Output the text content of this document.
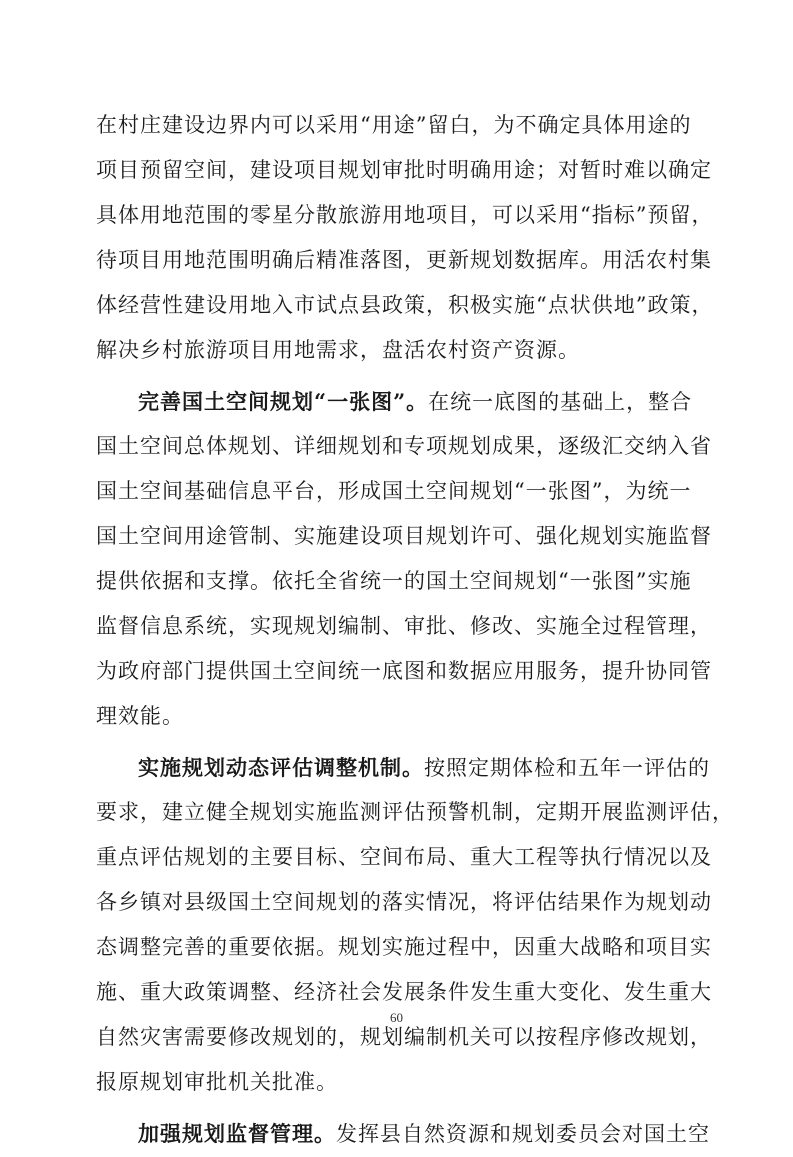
在村庄建设边界内可以采用“用途”留白，为不确定具体用途的
项目预留空间，建设项目规划审批时明确用途；对暂时难以确定
具体用地范围的零星分散旅游用地项目，可以采用“指标”预留，
待项目用地范围明确后精准落图，更新规划数据库。用活农村集
体经营性建设用地入市试点县政策，积极实施“点状供地”政策，
解决乡村旅游项目用地需求，盘活农村资产资源。
完善国土空间规划“一张图”。在统一底图的基础上，整合
国土空间总体规划、详细规划和专项规划成果，逐级汇交纳入省
国土空间基础信息平台，形成国土空间规划“一张图”，为统一
国土空间用途管制、实施建设项目规划许可、强化规划实施监督
提供依据和支撑。依托全省统一的国土空间规划“一张图”实施
监督信息系统，实现规划编制、审批、修改、实施全过程管理，
为政府部门提供国土空间统一底图和数据应用服务，提升协同管
理效能。
实施规划动态评估调整机制。按照定期体检和五年一评估的
要求，建立健全规划实施监测评估预警机制，定期开展监测评估，
重点评估规划的主要目标、空间布局、重大工程等执行情况以及
各乡镇对县级国土空间规划的落实情况，将评估结果作为规划动
态调整完善的重要依据。规划实施过程中，因重大战略和项目实
施、重大政策调整、经济社会发展条件发生重大变化、发生重大
自然灾害需要修改规划的，规划编制机关可以按程序修改规划，
报原规划审批机关批准。
加强规划监督管理。发挥县自然资源和规划委员会对国土空
60
